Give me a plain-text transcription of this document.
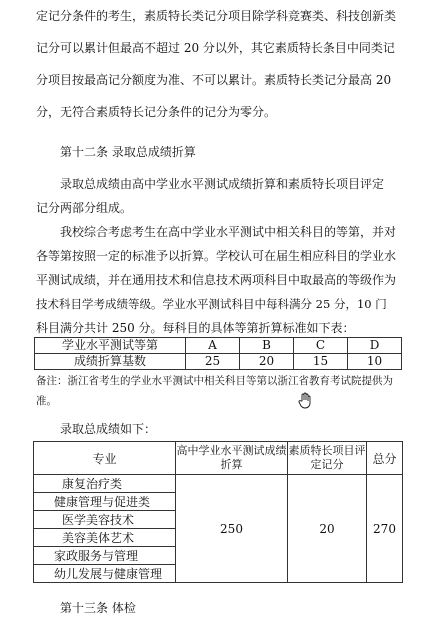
定记分条件的考生，素质特长类记分项目除学科竞赛类、科技创新类
记分可以累计但最高不超过 20 分以外，其它素质特长条目中同类记
分项目按最高记分额度为准、不可以累计。素质特长类记分最高 20
分，无符合素质特长记分条件的记分为零分。
第十二条 录取总成绩折算
录取总成绩由高中学业水平测试成绩折算和素质特长项目评定
记分两部分组成。
我校综合考虑考生在高中学业水平测试中相关科目的等第，并对
各等第按照一定的标准予以折算。学校认可在届生相应科目的学业水
平测试成绩，并在通用技术和信息技术两项科目中取最高的等级作为
技术科目学考成绩等级。学业水平测试科目中每科满分 25 分，10 门
学业水平测试等第	A	B	C	D
成绩折算基数	25	20	15	10
备注：浙江省考生的学业水平测试中相关科目等第以浙江省教育考试院提供为
准。
录取总成绩如下：
专业	高中学业水平测试成绩折算	素质特长项目评定记分	总分
康复治疗类	250	20	270
健康管理与促进类			
医学美容技术			
美容美体艺术			
家政服务与管理			
幼儿发展与健康管理			
第十三条 体检
科目满分共计 250 分。每科目的具体等第折算标准如下表：
